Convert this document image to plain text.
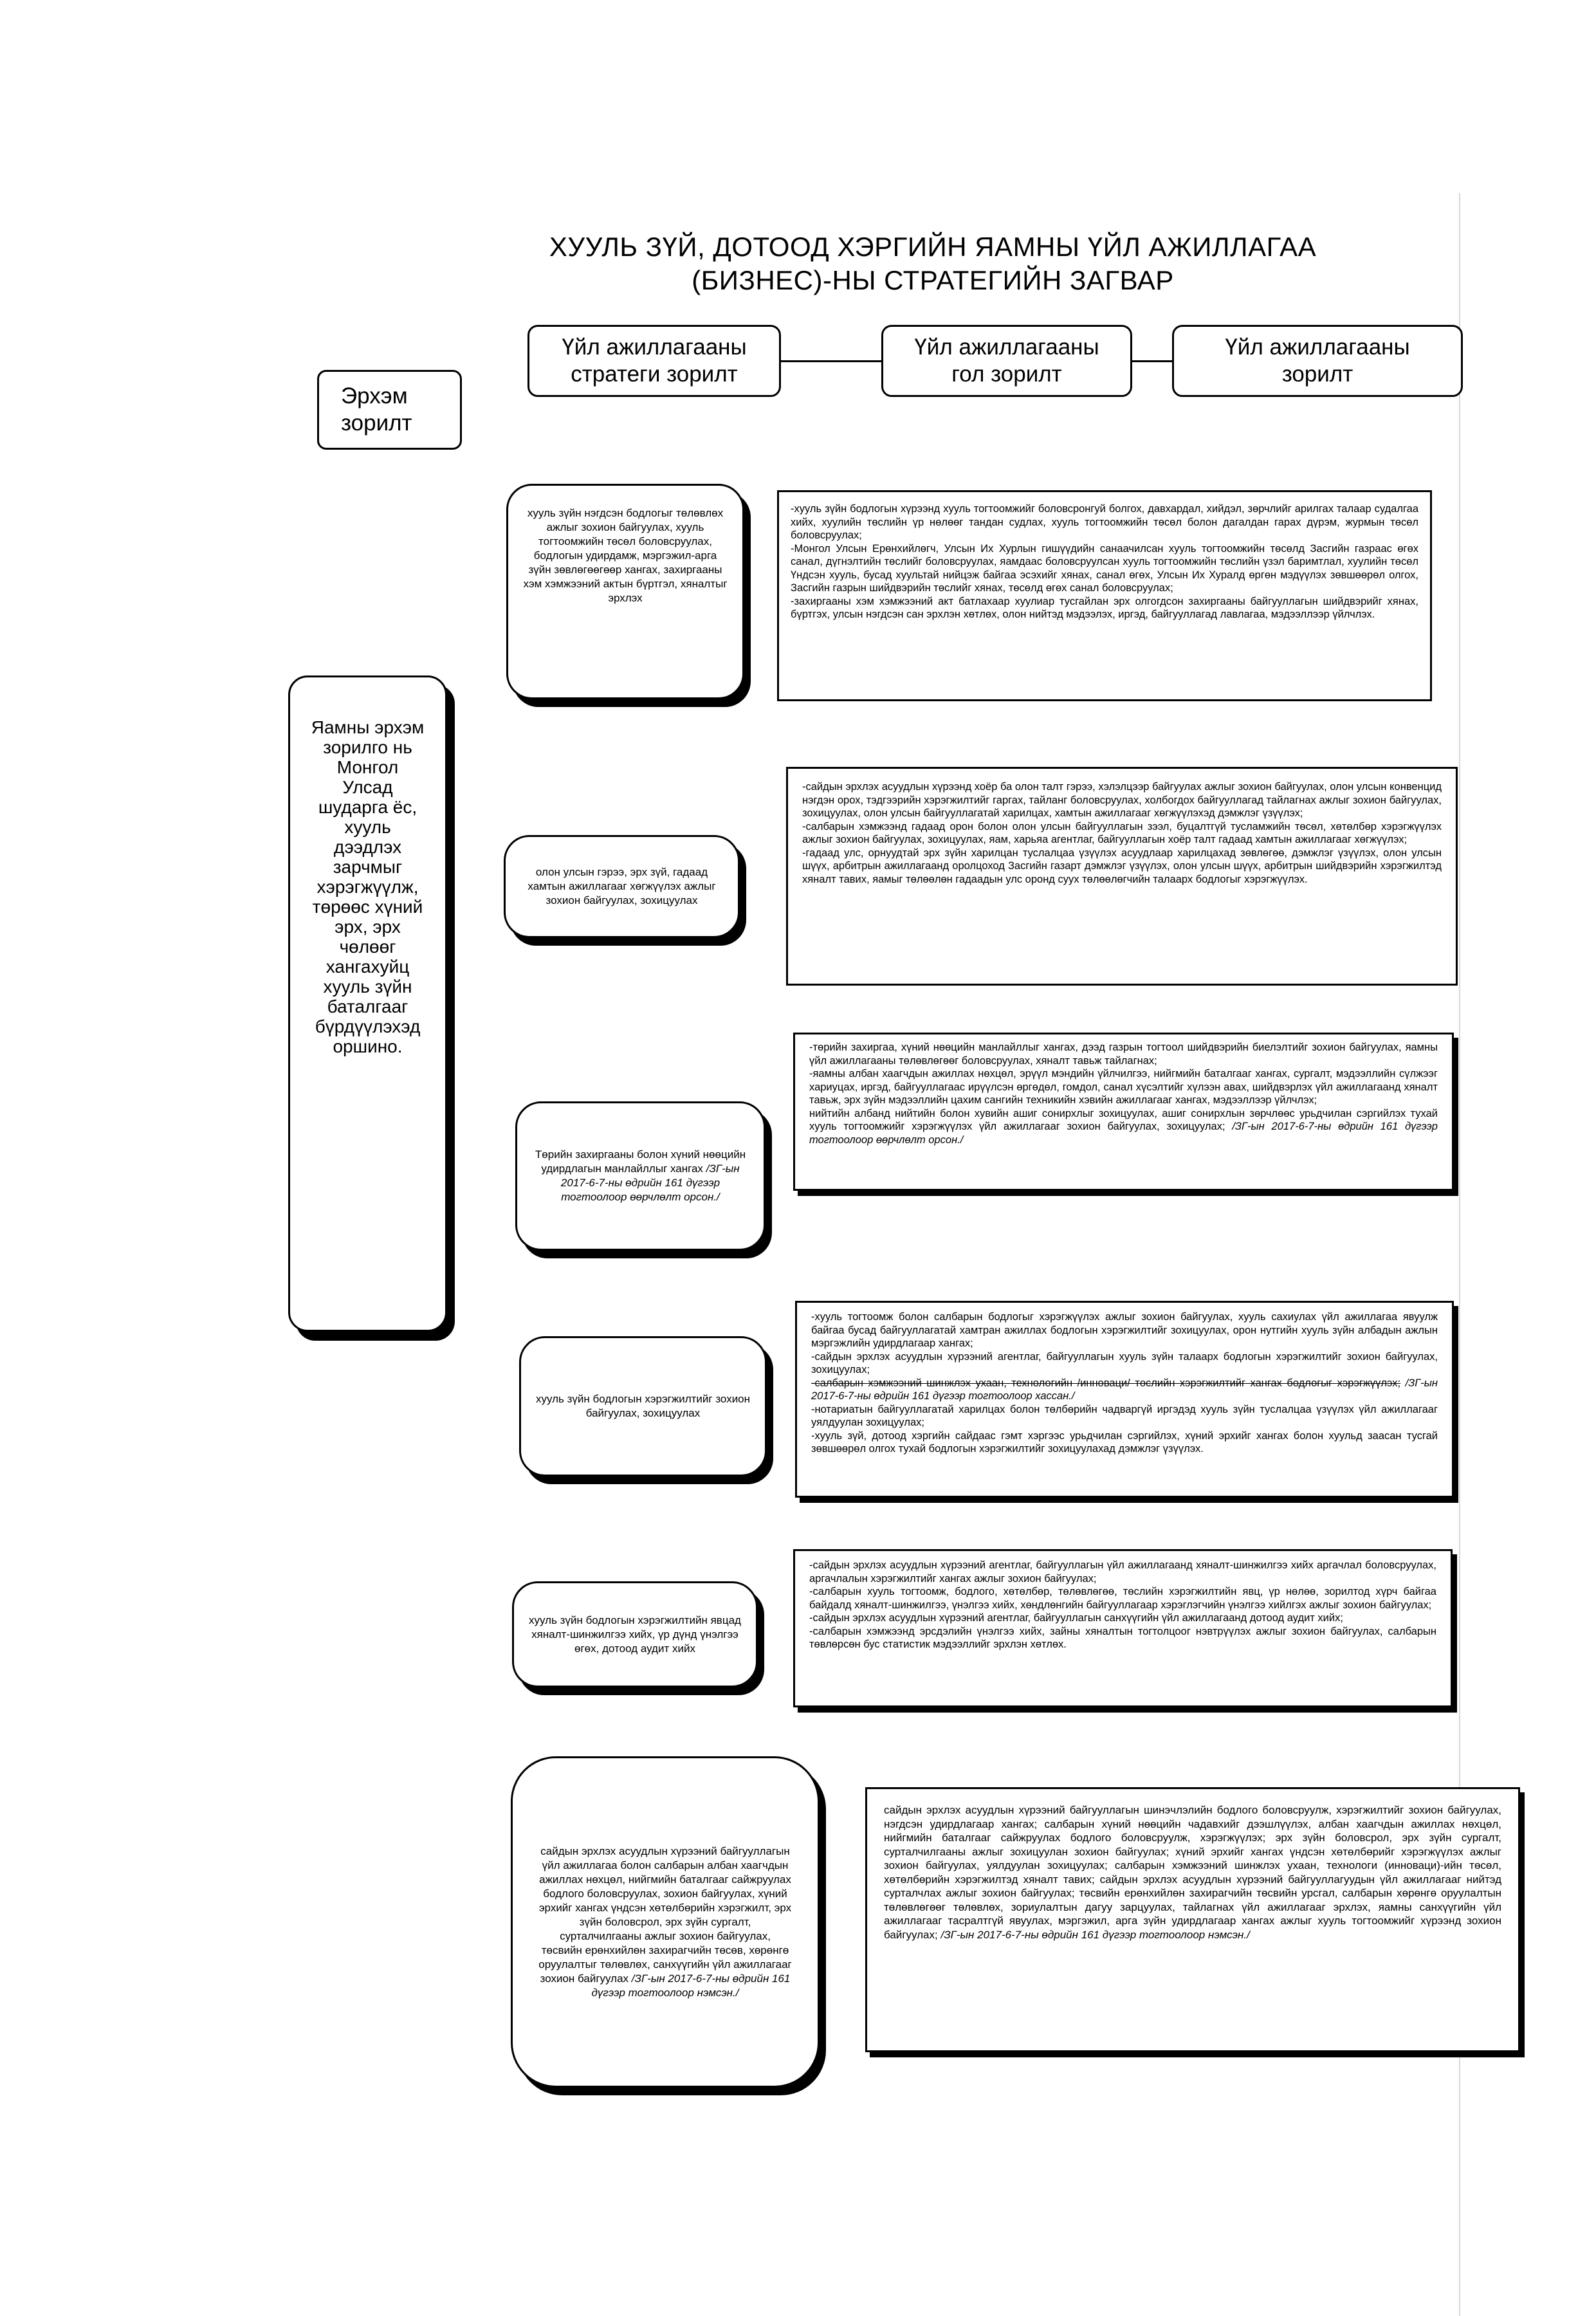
ХУУЛЬ ЗҮЙ, ДОТООД ХЭРГИЙН ЯАМНЫ ҮЙЛ АЖИЛЛАГАА
(БИЗНЕС)-НЫ СТРАТЕГИЙН ЗАГВАР
Эрхэм
зорилт
Үйл ажиллагааны
стратеги зорилт
Үйл ажиллагааны
гол зорилт
Үйл ажиллагааны
зорилт
Яамны эрхэм зорилго нь Монгол Улсад шударга ёс, хууль дээдлэх зарчмыг хэрэгжүүлж, төрөөс хүний эрх, эрх чөлөөг хангахуйц хууль зүйн баталгааг бүрдүүлэхэд оршино.
хууль зүйн нэгдсэн бодлогыг төлөвлөх ажлыг зохион байгуулах, хууль тогтоомжийн төсөл боловсруулах, бодлогын удирдамж, мэргэжил-арга зүйн зөвлөгөөгөөр хангах, захиргааны хэм хэмжээний актын бүртгэл, хяналтыг эрхлэх

-хууль зүйн бодлогын хүрээнд хууль тогтоомжийг боловсронгуй болгох, давхардал, хийдэл, зөрчлийг арилгах талаар судалгаа хийх, хуулийн төслийн үр нөлөөг тандан судлах, хууль тогтоомжийн төсөл болон дагалдан гарах дүрэм, журмын төсөл боловсруулах;

-Монгол Улсын Ерөнхийлөгч, Улсын Их Хурлын гишүүдийн санаачилсан хууль тогтоомжийн төсөлд Засгийн газраас өгөх санал, дүгнэлтийн төслийг боловсруулах, яамдаас боловсруулсан хууль тогтоомжийн төслийн үзэл баримтлал, хуулийн төсөл Үндсэн хууль, бусад хуультай нийцэж байгаа эсэхийг хянах, санал өгөх, Улсын Их Хуралд өргөн мэдүүлэх зөвшөөрөл олгох, Засгийн газрын шийдвэрийн төслийг хянах, төсөлд өгөх санал боловсруулах;

-захиргааны хэм хэмжээний акт батлахаар хуулиар тусгайлан эрх олгогдсон захиргааны байгууллагын шийдвэрийг хянах, бүртгэх, улсын нэгдсэн сан эрхлэн хөтлөх, олон нийтэд мэдээлэх, иргэд, байгууллагад лавлагаа, мэдээллээр үйлчлэх.

олон улсын гэрээ, эрх зүй, гадаад хамтын ажиллагааг хөгжүүлэх ажлыг зохион байгуулах, зохицуулах

-сайдын эрхлэх асуудлын хүрээнд хоёр ба олон талт гэрээ, хэлэлцээр байгуулах ажлыг зохион байгуулах, олон улсын конвенцид нэгдэн орох, тэдгээрийн хэрэгжилтийг гаргах, тайланг боловсруулах, холбогдох байгууллагад тайлагнах ажлыг зохион байгуулах, зохицуулах, олон улсын байгууллагатай харилцах, хамтын ажиллагааг хөгжүүлэхэд дэмжлэг үзүүлэх;

-салбарын хэмжээнд гадаад орон болон олон улсын байгууллагын зээл, буцалтгүй тусламжийн төсөл, хөтөлбөр хэрэгжүүлэх ажлыг зохион байгуулах, зохицуулах, яам, харьяа агентлаг, байгууллагын хоёр талт гадаад хамтын ажиллагааг хөгжүүлэх;

-гадаад улс, орнуудтай эрх зүйн харилцан туслалцаа үзүүлэх асуудлаар харилцахад зөвлөгөө, дэмжлэг үзүүлэх, олон улсын шүүх, арбитрын ажиллагаанд оролцоход Засгийн газарт дэмжлэг үзүүлэх, олон улсын шүүх, арбитрын шийдвэрийн хэрэгжилтэд хяналт тавих, яамыг төлөөлөн гадаадын улс оронд суух төлөөлөгчийн талаарх бодлогыг хэрэгжүүлэх.

Төрийн захиргааны болон хүний нөөцийн удирдлагын манлайллыг хангах /ЗГ-ын 2017-6-7-ны өдрийн 161 дүгээр тогтоолоор өөрчлөлт орсон./

-төрийн захиргаа, хүний нөөцийн манлайллыг хангах, дээд газрын тогтоол шийдвэрийн биелэлтийг зохион байгуулах, яамны үйл ажиллагааны төлөвлөгөөг боловсруулах, хяналт тавьж тайлагнах;

-яамны албан хаагчдын ажиллах нөхцөл, эрүүл мэндийн үйлчилгээ, нийгмийн баталгааг хангах, сургалт, мэдээллийн сүлжээг хариуцах, иргэд, байгууллагаас ирүүлсэн өргөдөл, гомдол, санал хүсэлтийг хүлээн авах, шийдвэрлэх үйл ажиллагаанд хяналт тавьж, эрх зүйн мэдээллийн цахим сангийн техникийн хэвийн ажиллагааг хангах, мэдээллээр үйлчлэх;

нийтийн албанд нийтийн болон хувийн ашиг сонирхлыг зохицуулах, ашиг сонирхлын зөрчлөөс урьдчилан сэргийлэх тухай хууль тогтоомжийг хэрэгжүүлэх үйл ажиллагааг зохион байгуулах, зохицуулах; /ЗГ-ын 2017-6-7-ны өдрийн 161 дүгээр тогтоолоор өөрчлөлт орсон./

хууль зүйн бодлогын хэрэгжилтийг зохион байгуулах, зохицуулах

-хууль тогтоомж болон салбарын бодлогыг хэрэгжүүлэх ажлыг зохион байгуулах, хууль сахиулах үйл ажиллагаа явуулж байгаа бусад байгууллагатай хамтран ажиллах бодлогын хэрэгжилтийг зохицуулах, орон нутгийн хууль зүйн албадын ажлын мэргэжлийн удирдлагаар хангах;

-сайдын эрхлэх асуудлын хүрээний агентлаг, байгууллагын хууль зүйн талаарх бодлогын хэрэгжилтийг зохион байгуулах, зохицуулах;

-салбарын хэмжээний шинжлэх ухаан, технологийн /инноваци/ төслийн хэрэгжилтийг хангах бодлогыг хэрэгжүүлэх; /ЗГ-ын 2017-6-7-ны өдрийн 161 дүгээр тогтоолоор хассан./

-нотариатын байгууллагатай харилцах болон төлбөрийн чадваргүй иргэдэд хууль зүйн туслалцаа үзүүлэх үйл ажиллагааг уялдуулан зохицуулах;

-хууль зүй, дотоод хэргийн сайдаас гэмт хэргээс урьдчилан сэргийлэх, хүний эрхийг хангах болон хуульд заасан тусгай зөвшөөрөл олгох тухай бодлогын хэрэгжилтийг зохицуулахад дэмжлэг үзүүлэх.

хууль зүйн бодлогын хэрэгжилтийн явцад хяналт-шинжилгээ хийх, үр дүнд үнэлгээ өгөх, дотоод аудит хийх

-сайдын эрхлэх асуудлын хүрээний агентлаг, байгууллагын үйл ажиллагаанд хяналт-шинжилгээ хийх аргачлал боловсруулах, аргачлалын хэрэгжилтийг хангах ажлыг зохион байгуулах;

-салбарын хууль тогтоомж, бодлого, хөтөлбөр, төлөвлөгөө, төслийн хэрэгжилтийн явц, үр нөлөө, зорилтод хүрч байгаа байдалд хяналт-шинжилгээ, үнэлгээ хийх, хөндлөнгийн байгууллагаар хэрэглэгчийн үнэлгээ хийлгэх ажлыг зохион байгуулах;

-сайдын эрхлэх асуудлын хүрээний агентлаг, байгууллагын санхүүгийн үйл ажиллагаанд дотоод аудит хийх;

-салбарын хэмжээнд эрсдэлийн үнэлгээ хийх, зайны хяналтын тогтолцоог нэвтрүүлэх ажлыг зохион байгуулах, салбарын төвлөрсөн бус статистик мэдээллийг эрхлэн хөтлөх.

сайдын эрхлэх асуудлын хүрээний байгууллагын үйл ажиллагаа болон салбарын албан хаагчдын ажиллах нөхцөл, нийгмийн баталгааг сайжруулах бодлого боловсруулах, зохион байгуулах, хүний эрхийг хангах үндсэн хөтөлбөрийн хэрэгжилт, эрх зүйн боловсрол, эрх зүйн сургалт, сурталчилгааны ажлыг зохион байгуулах, төсвийн ерөнхийлөн захирагчийн төсөв, хөрөнгө оруулалтыг төлөвлөх, санхүүгийн үйл ажиллагааг зохион байгуулах /ЗГ-ын 2017-6-7-ны өдрийн 161 дүгээр тогтоолоор нэмсэн./

сайдын эрхлэх асуудлын хүрээний байгууллагын шинэчлэлийн бодлого боловсруулж, хэрэгжилтийг зохион байгуулах, нэгдсэн удирдлагаар хангах; салбарын хүний нөөцийн чадавхийг дээшлүүлэх, албан хаагчдын ажиллах нөхцөл, нийгмийн баталгааг сайжруулах бодлого боловсруулж, хэрэгжүүлэх; эрх зүйн боловсрол, эрх зүйн сургалт, сурталчилгааны ажлыг зохицуулан зохион байгуулах; хүний эрхийг хангах үндсэн хөтөлбөрийг хэрэгжүүлэх ажлыг зохион байгуулах, уялдуулан зохицуулах; салбарын хэмжээний шинжлэх ухаан, технологи (инноваци)-ийн төсөл, хөтөлбөрийн хэрэгжилтэд хяналт тавих; сайдын эрхлэх асуудлын хүрээний байгууллагуудын үйл ажиллагааг нийтэд сурталчлах ажлыг зохион байгуулах; төсвийн ерөнхийлөн захирагчийн төсвийн урсгал, салбарын хөрөнгө оруулалтын төлөвлөгөөг төлөвлөх, зориулалтын дагуу зарцуулах, тайлагнах үйл ажиллагааг эрхлэх, яамны санхүүгийн үйл ажиллагааг тасралтгүй явуулах, мэргэжил, арга зүйн удирдлагаар хангах ажлыг хууль тогтоомжийг хүрээнд зохион байгуулах; /ЗГ-ын 2017-6-7-ны өдрийн 161 дүгээр тогтоолоор нэмсэн./
